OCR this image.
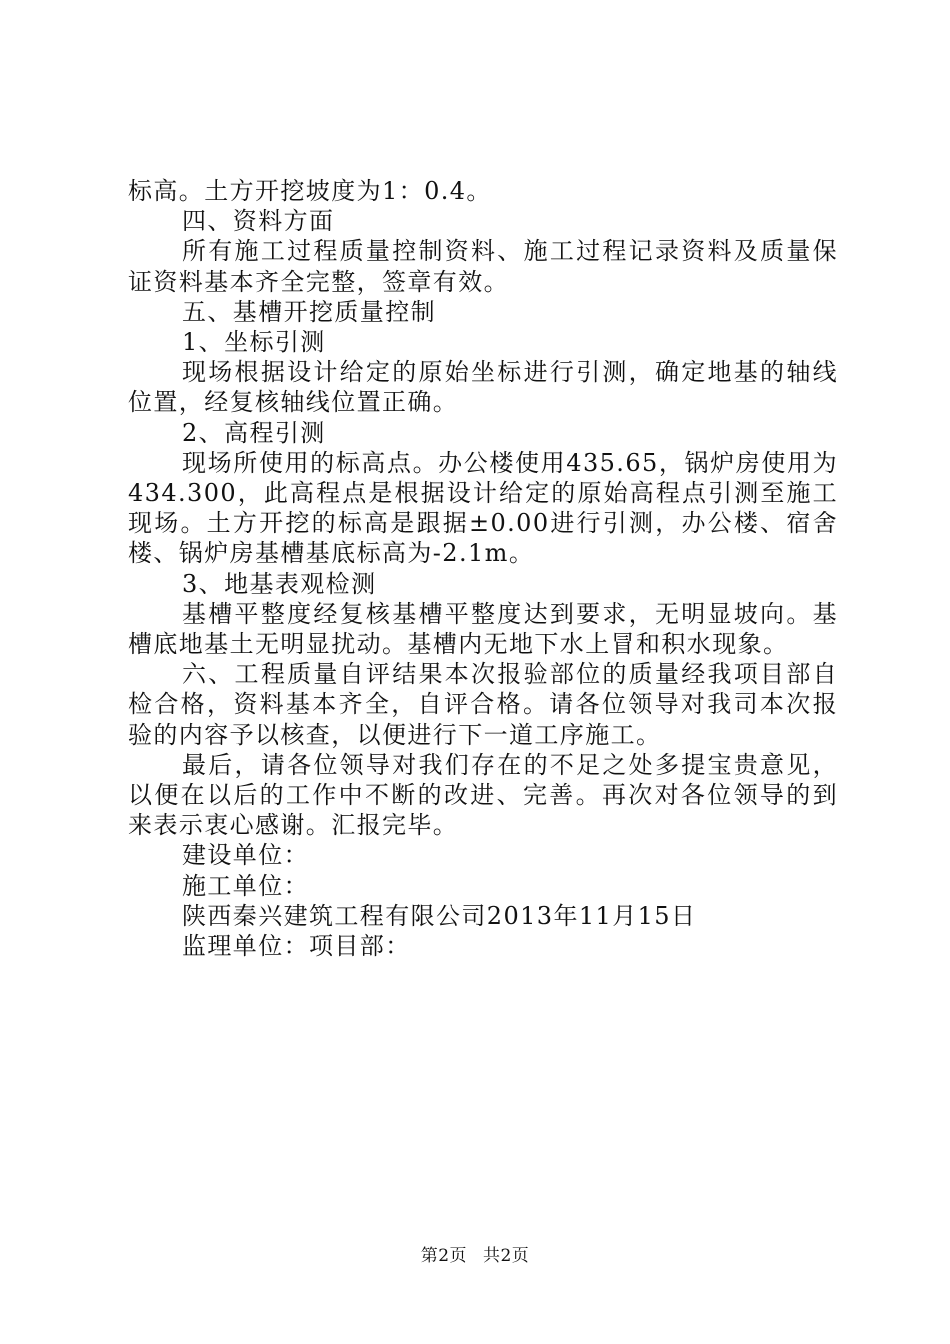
标高。土方开挖坡度为1：0.4。

四、资料方面

所有施工过程质量控制资料、施工过程记录资料及质量保证资料基本齐全完整，签章有效。

五、基槽开挖质量控制

1、坐标引测

现场根据设计给定的原始坐标进行引测，确定地基的轴线位置，经复核轴线位置正确。

2、高程引测

现场所使用的标高点。办公楼使用435.65，锅炉房使用为434.300，此高程点是根据设计给定的原始高程点引测至施工现场。土方开挖的标高是跟据±0.00进行引测，办公楼、宿舍楼、锅炉房基槽基底标高为-2.1m。

3、地基表观检测

基槽平整度经复核基槽平整度达到要求，无明显坡向。基槽底地基土无明显扰动。基槽内无地下水上冒和积水现象。

六、工程质量自评结果本次报验部位的质量经我项目部自检合格，资料基本齐全，自评合格。请各位领导对我司本次报验的内容予以核查，以便进行下一道工序施工。

最后，请各位领导对我们存在的不足之处多提宝贵意见，以便在以后的工作中不断的改进、完善。再次对各位领导的到来表示衷心感谢。汇报完毕。

建设单位：

施工单位：

陕西秦兴建筑工程有限公司2013年11月15日

监理单位：项目部：

第2页 共2页
